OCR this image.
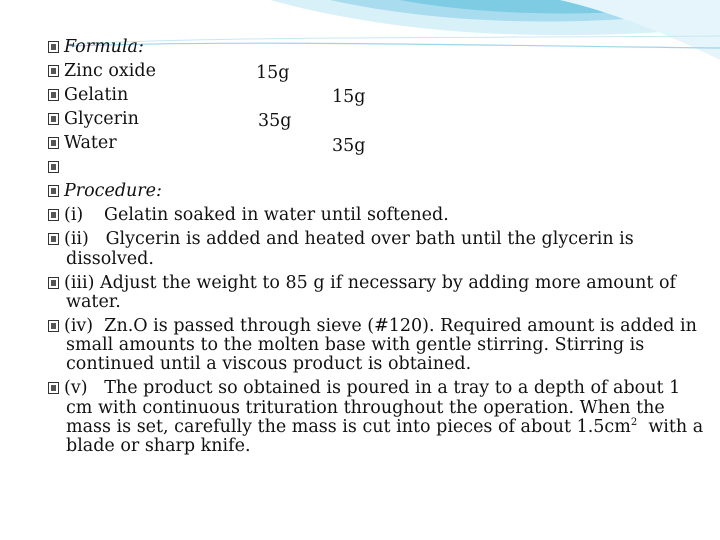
Formula:
Zinc oxide	15g
Gelatin	15g
Glycerin	35g
Water	35g
Procedure:
(i) Gelatin soaked in water until softened.
(ii) Glycerin is added and heated over bath until the glycerin is
dissolved.
(iii) Adjust the weight to 85 g if necessary by adding more amount of
water.
(iv) Zn.O is passed through sieve (#120). Required amount is added in
small amounts to the molten base with gentle stirring. Stirring is
continued until a viscous product is obtained.
(v) The product so obtained is poured in a tray to a depth of about 1
cm with continuous trituration throughout the operation. When the
mass is set, carefully the mass is cut into pieces of about $1.5cm^2$ with a
blade or sharp knife.
